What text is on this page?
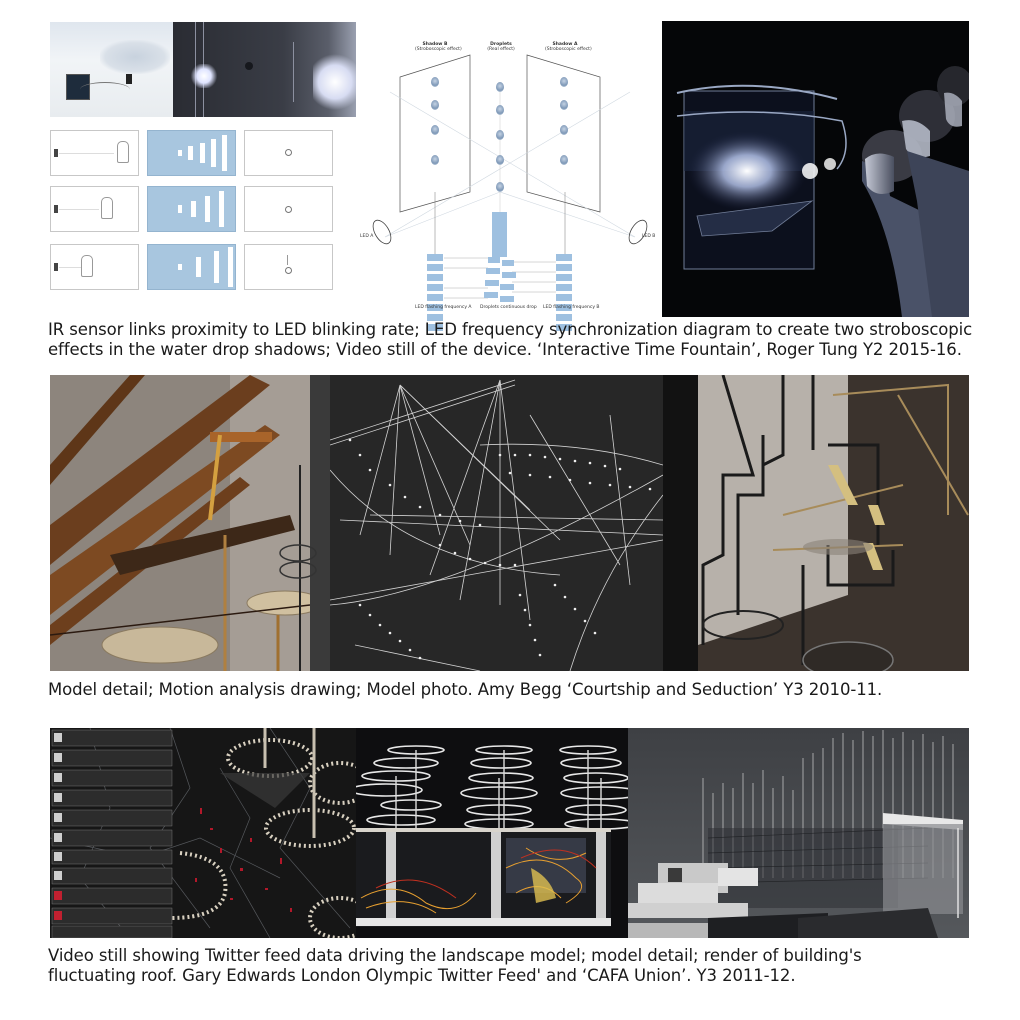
Shadow B
(Stroboscopic effect)
Droplets
(Real effect)
Shadow A
(Stroboscopic effect)
LED A	LED B
LED flashing frequency A Droplets continuous drop LED flashing frequency B
IR sensor links proximity to LED blinking rate; LED frequency synchronization diagram to create two stroboscopic
effects in the water drop shadows; Video still of the device. ‘Interactive Time Fountain’, Roger Tung Y2 2015-16.
Model detail; Motion analysis drawing; Model photo. Amy Begg ‘Courtship and Seduction’ Y3 2010-11.
Video still showing Twitter feed data driving the landscape model; model detail; render of building's
fluctuating roof. Gary Edwards London Olympic Twitter Feed' and ‘CAFA Union’. Y3 2011-12.
